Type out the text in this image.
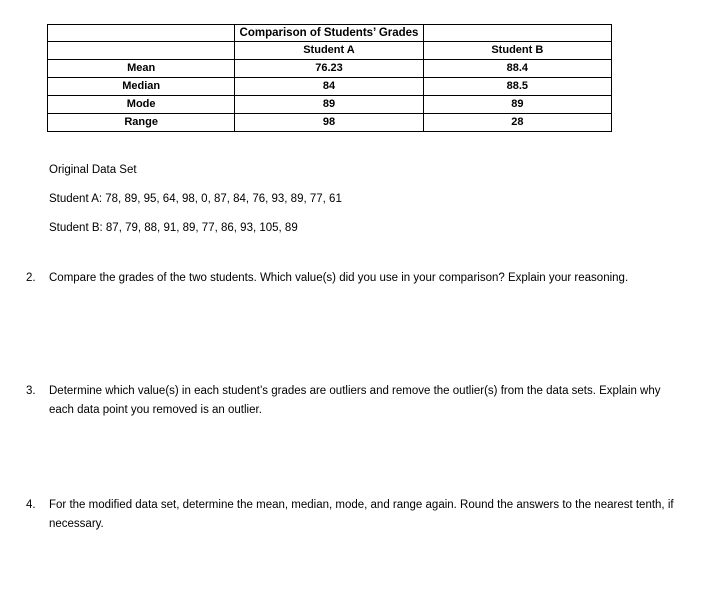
	Comparison of Students’ Grades	
	Student A	Student B
Mean	76.23	88.4
Median	84	88.5
Mode	89	89
Range	98	28
Original Data Set
Student A: 78, 89, 95, 64, 98, 0, 87, 84, 76, 93, 89, 77, 61
Student B: 87, 79, 88, 91, 89, 77, 86, 93, 105, 89
2. Compare the grades of the two students. Which value(s) did you use in your comparison? Explain your reasoning.
3. Determine which value(s) in each student’s grades are outliers and remove the outlier(s) from the data sets. Explain why each data point you removed is an outlier.
4. For the modified data set, determine the mean, median, mode, and range again. Round the answers to the nearest tenth, if necessary.
